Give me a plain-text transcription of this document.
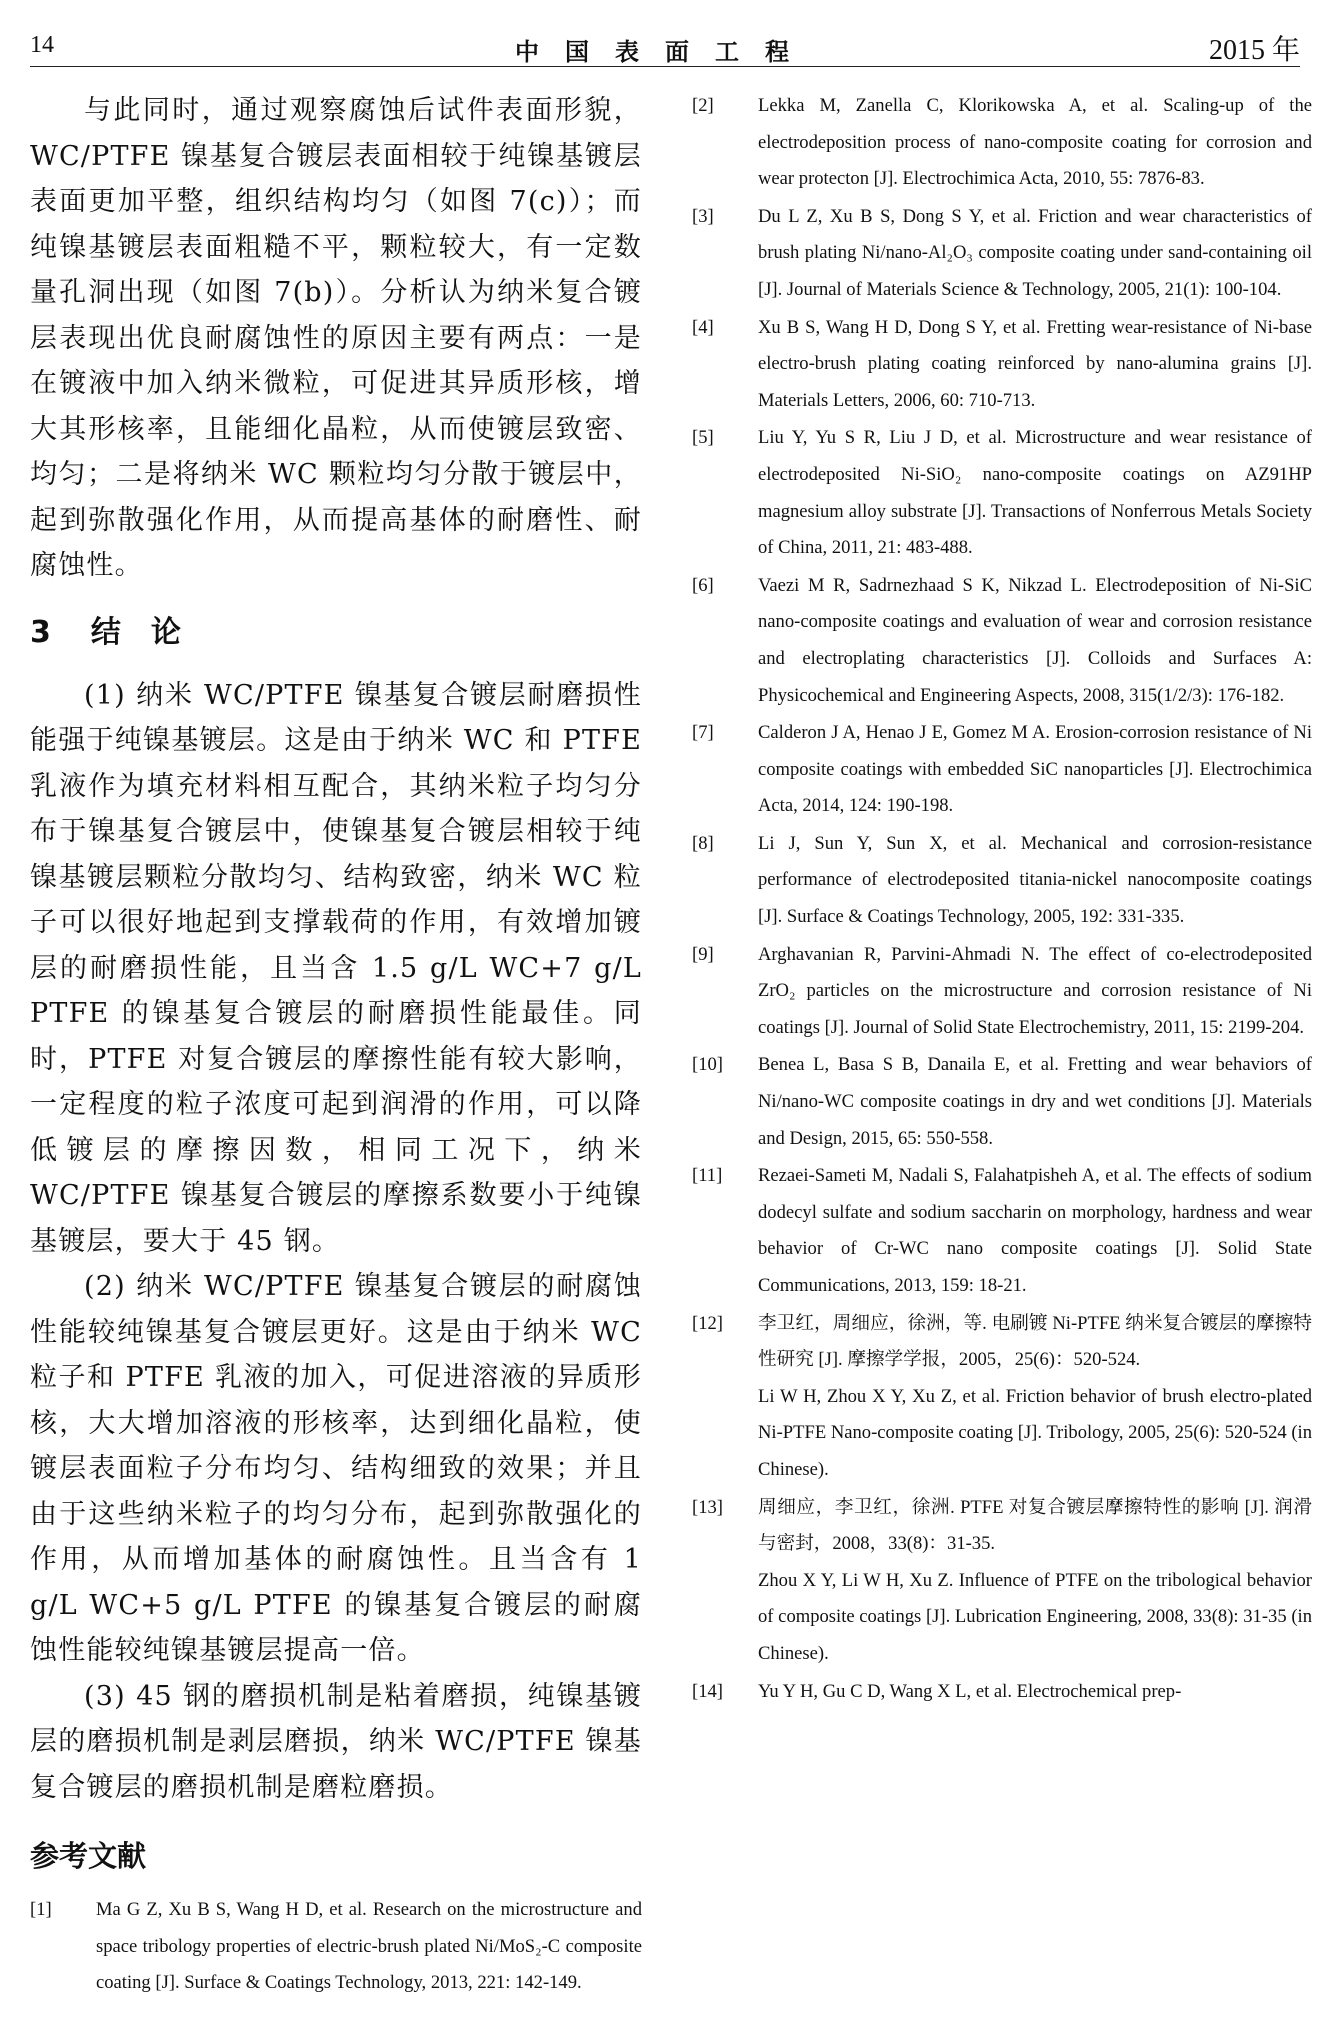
14	中国表面工程	2015 年

与此同时，通过观察腐蚀后试件表面形貌，WC/PTFE 镍基复合镀层表面相较于纯镍基镀层表面更加平整，组织结构均匀（如图 7(c)）；而纯镍基镀层表面粗糙不平，颗粒较大，有一定数量孔洞出现（如图 7(b)）。分析认为纳米复合镀层表现出优良耐腐蚀性的原因主要有两点：一是在镀液中加入纳米微粒，可促进其异质形核，增大其形核率，且能细化晶粒，从而使镀层致密、均匀；二是将纳米 WC 颗粒均匀分散于镀层中，起到弥散强化作用，从而提高基体的耐磨性、耐腐蚀性。

3 结　论

(1) 纳米 WC/PTFE 镍基复合镀层耐磨损性能强于纯镍基镀层。这是由于纳米 WC 和 PTFE 乳液作为填充材料相互配合，其纳米粒子均匀分布于镍基复合镀层中，使镍基复合镀层相较于纯镍基镀层颗粒分散均匀、结构致密，纳米 WC 粒子可以很好地起到支撑载荷的作用，有效增加镀层的耐磨损性能，且当含 1.5 g/L WC+7 g/L PTFE 的镍基复合镀层的耐磨损性能最佳。同时，PTFE 对复合镀层的摩擦性能有较大影响，一定程度的粒子浓度可起到润滑的作用，可以降低镀层的摩擦因数，相同工况下，纳米 WC/PTFE 镍基复合镀层的摩擦系数要小于纯镍基镀层，要大于 45 钢。

(2) 纳米 WC/PTFE 镍基复合镀层的耐腐蚀性能较纯镍基复合镀层更好。这是由于纳米 WC 粒子和 PTFE 乳液的加入，可促进溶液的异质形核，大大增加溶液的形核率，达到细化晶粒，使镀层表面粒子分布均匀、结构细致的效果；并且由于这些纳米粒子的均匀分布，起到弥散强化的作用，从而增加基体的耐腐蚀性。且当含有 1 g/L WC+5 g/L PTFE 的镍基复合镀层的耐腐蚀性能较纯镍基镀层提高一倍。

(3) 45 钢的磨损机制是粘着磨损，纯镍基镀层的磨损机制是剥层磨损，纳米 WC/PTFE 镍基复合镀层的磨损机制是磨粒磨损。

参考文献
[1] Ma G Z, Xu B S, Wang H D, et al. Research on the microstructure and space tribology properties of electric-brush plated Ni/MoS₂-C composite coating [J]. Surface & Coatings Technology, 2013, 221: 142-149.
[2] Lekka M, Zanella C, Klorikowska A, et al. Scaling-up of the electrodeposition process of nano-composite coating for corrosion and wear protecton [J]. Electrochimica Acta, 2010, 55: 7876-83.
[3] Du L Z, Xu B S, Dong S Y, et al. Friction and wear characteristics of brush plating Ni/nano-Al₂O₃ composite coating under sand-containing oil [J]. Journal of Materials Science & Technology, 2005, 21(1): 100-104.
[4] Xu B S, Wang H D, Dong S Y, et al. Fretting wear-resistance of Ni-base electro-brush plating coating reinforced by nano-alumina grains [J]. Materials Letters, 2006, 60: 710-713.
[5] Liu Y, Yu S R, Liu J D, et al. Microstructure and wear resistance of electrodeposited Ni-SiO₂ nano-composite coatings on AZ91HP magnesium alloy substrate [J]. Transactions of Nonferrous Metals Society of China, 2011, 21: 483-488.
[6] Vaezi M R, Sadrnezhaad S K, Nikzad L. Electrodeposition of Ni-SiC nano-composite coatings and evaluation of wear and corrosion resistance and electroplating characteristics [J]. Colloids and Surfaces A: Physicochemical and Engineering Aspects, 2008, 315(1/2/3): 176-182.
[7] Calderon J A, Henao J E, Gomez M A. Erosion-corrosion resistance of Ni composite coatings with embedded SiC nanoparticles [J]. Electrochimica Acta, 2014, 124: 190-198.
[8] Li J, Sun Y, Sun X, et al. Mechanical and corrosion-resistance performance of electrodeposited titania-nickel nanocomposite coatings [J]. Surface & Coatings Technology, 2005, 192: 331-335.
[9] Arghavanian R, Parvini-Ahmadi N. The effect of co-electrodeposited ZrO₂ particles on the microstructure and corrosion resistance of Ni coatings [J]. Journal of Solid State Electrochemistry, 2011, 15: 2199-204.
[10] Benea L, Basa S B, Danaila E, et al. Fretting and wear behaviors of Ni/nano-WC composite coatings in dry and wet conditions [J]. Materials and Design, 2015, 65: 550-558.
[11] Rezaei-Sameti M, Nadali S, Falahatpisheh A, et al. The effects of sodium dodecyl sulfate and sodium saccharin on morphology, hardness and wear behavior of Cr-WC nano composite coatings [J]. Solid State Communications, 2013, 159: 18-21.
[12] 李卫红，周细应，徐洲，等. 电刷镀 Ni-PTFE 纳米复合镀层的摩擦特性研究 [J]. 摩擦学学报，2005，25(6)：520-524.
Li W H, Zhou X Y, Xu Z, et al. Friction behavior of brush electro-plated Ni-PTFE Nano-composite coating [J]. Tribology, 2005, 25(6): 520-524 (in Chinese).
[13] 周细应，李卫红，徐洲. PTFE 对复合镀层摩擦特性的影响 [J]. 润滑与密封，2008，33(8)：31-35.
Zhou X Y, Li W H, Xu Z. Influence of PTFE on the tribological behavior of composite coatings [J]. Lubrication Engineering, 2008, 33(8): 31-35 (in Chinese).
[14] Yu Y H, Gu C D, Wang X L, et al. Electrochemical prep-
